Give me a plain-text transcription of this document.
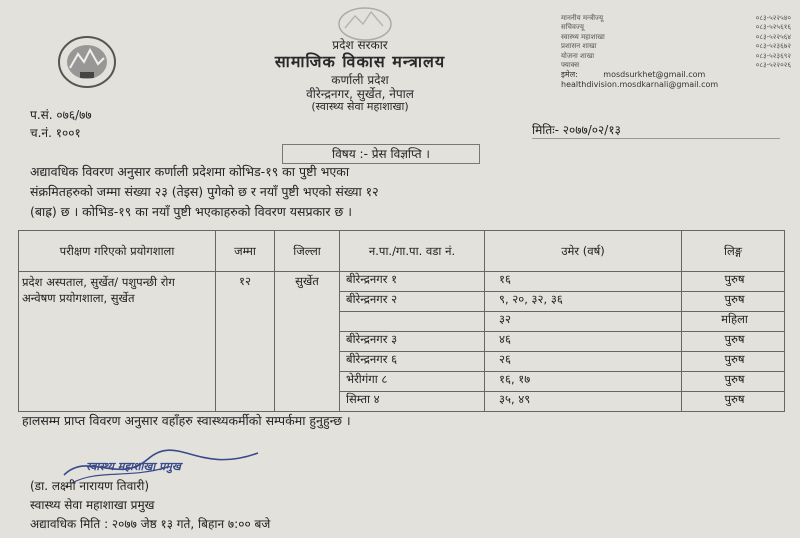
प्रदेश सरकार
सामाजिक विकास मन्त्रालय
कर्णाली प्रदेश
वीरेन्द्रनगर, सुर्खेत, नेपाल
(स्वास्थ्य सेवा महाशाखा)
माननीय मन्त्रीज्यू	०८३-५२२५४०
सचिवज्यू	०८३-५२५६१६
स्वास्थ्य महाशाखा	०८३-५२२५६४
प्रशासन शाखा	०८३-५२३६७२
योजना शाखा	०८३-५२३६९२
फ्याक्स	०८३-५२२०२६
इमेल:	mosdsurkhet@gmail.com
healthdivision.mosdkarnali@gmail.com
प.सं. ०७६/७७
च.नं. १००१	मितिः- २०७७/०२/१३
विषय :- प्रेस विज्ञप्ति ।
अद्यावधिक विवरण अनुसार कर्णाली प्रदेशमा कोभिड-१९ का पुष्टी भएका
संक्रमितहरुको जम्मा संख्या २३ (तेइस) पुगेको छ र नयाँ पुष्टी भएको संख्या १२
(बाह्र) छ । कोभिड-१९ का नयाँ पुष्टी भएकाहरुको विवरण यसप्रकार छ ।
परीक्षण गरिएको प्रयोगशाला	जम्मा	जिल्ला	न.पा./गा.पा. वडा नं.	उमेर (वर्ष)	लिङ्ग
प्रदेश अस्पताल, सुर्खेत/ पशुपन्छी रोग अन्वेषण प्रयोगशाला, सुर्खेत	१२	सुर्खेत	बीरेन्द्रनगर १	१६	पुरुष
			बीरेन्द्रनगर २	९, २०, ३२, ३६	पुरुष
				३२	महिला
			बीरेन्द्रनगर ३	४६	पुरुष
			बीरेन्द्रनगर ६	२६	पुरुष
			भेरीगंगा ८	१६, १७	पुरुष
			सिम्ता ४	३५, ४९	पुरुष
हालसम्म प्राप्त विवरण अनुसार वहाँहरु स्वास्थ्यकर्मीको सम्पर्कमा हुनुहुन्छ ।
स्वास्थ्य महाशाखा प्रमुख
(डा. लक्ष्मी नारायण तिवारी)
स्वास्थ्य सेवा महाशाखा प्रमुख
अद्यावधिक मिति : २०७७ जेष्ठ १३ गते, बिहान ७:०० बजे
